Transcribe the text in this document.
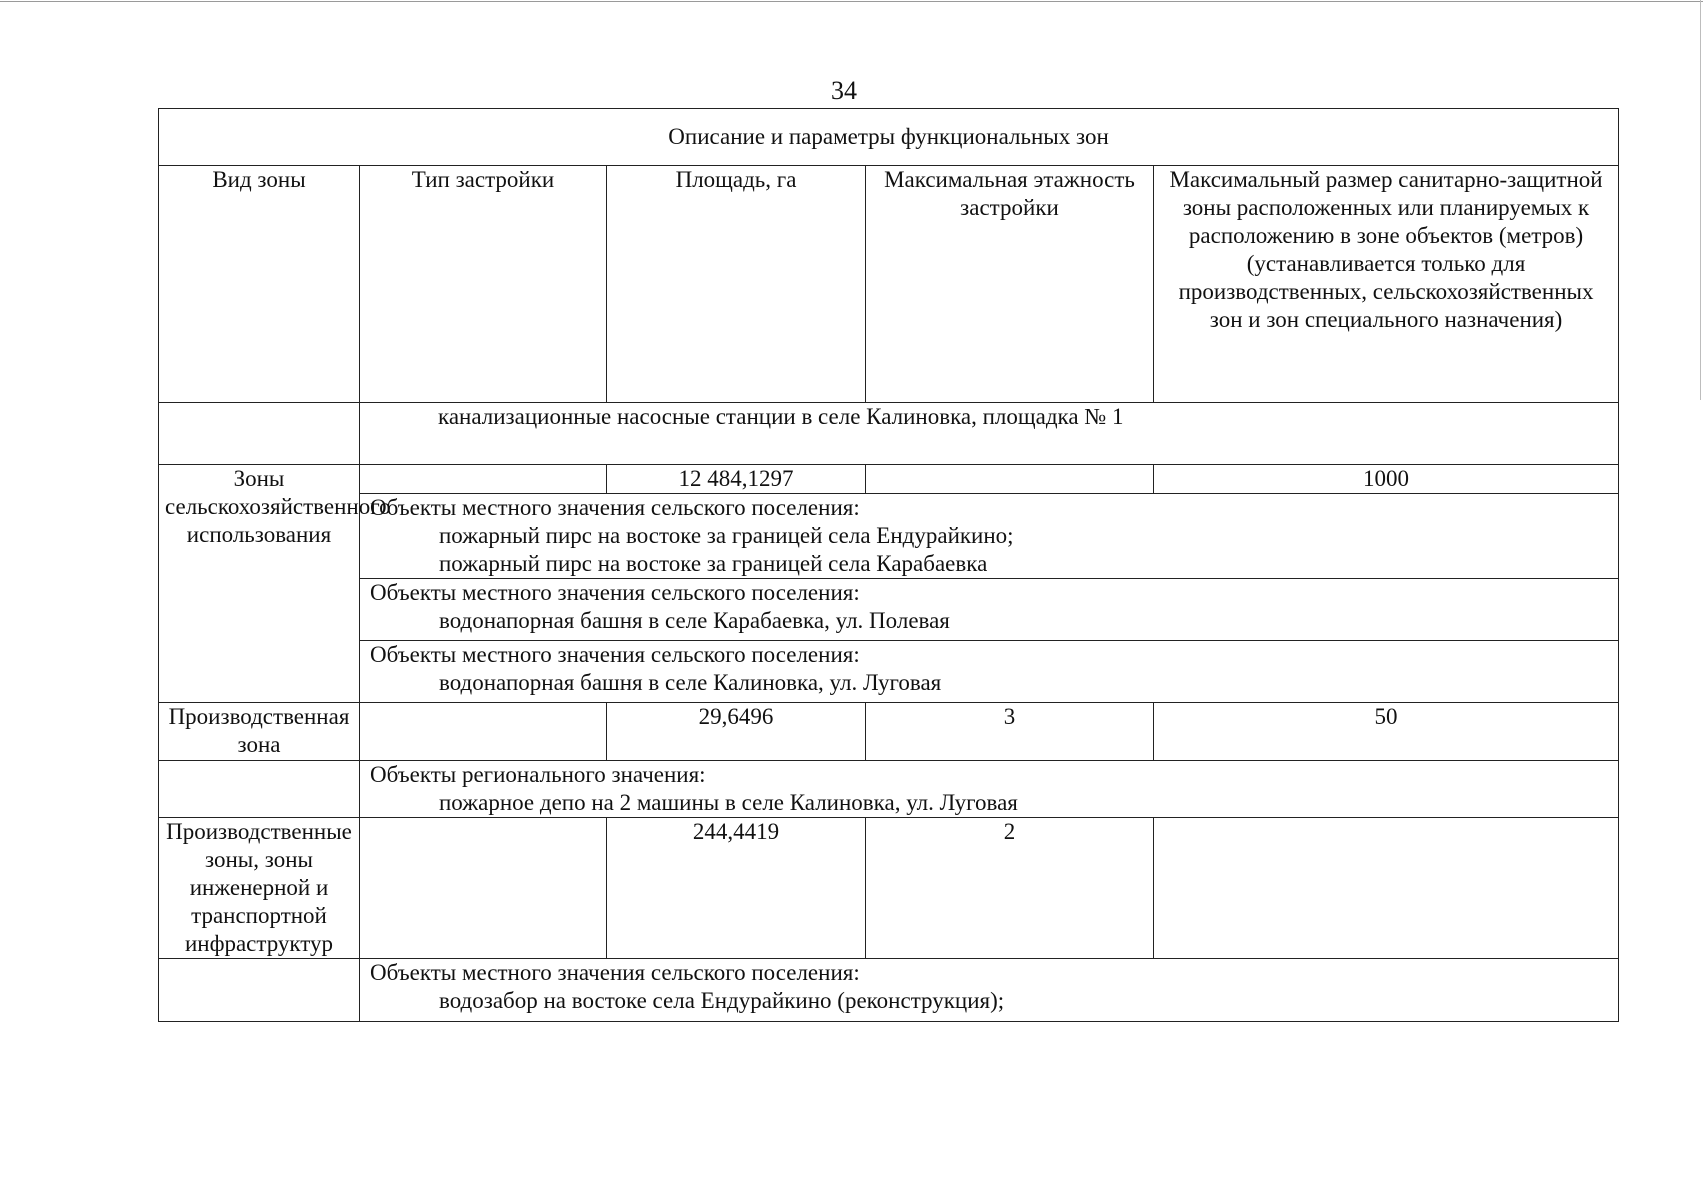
34
Описание и параметры функциональных зон				
Вид зоны	Тип застройки	Площадь, га	Максимальная этажность застройки	Максимальный размер санитарно-защитной зоны расположенных или планируемых к расположению в зоне объектов (метров)
(устанавливается только для производственных, сельскохозяйственных зон и зон специального назначения)

	канализационные насосные станции в селе Калиновка, площадка № 1			
Зоны сельскохозяйственного использования		12 484,1297		1000

	Объекты местного значения сельского поселения:
пожарный пирс на востоке за границей села Ендурайкино;
пожарный пирс на востоке за границей села Карабаевка			

	Объекты местного значения сельского поселения:
водонапорная башня в селе Карабаевка, ул. Полевая			

	Объекты местного значения сельского поселения:
водонапорная башня в селе Калиновка, ул. Луговая			

Производственная зона		29,6496	3	50

	Объекты регионального значения:
пожарное депо на 2 машины в селе Калиновка, ул. Луговая			

Производственные зоны, зоны инженерной и транспортной инфраструктур		244,4419	2	

	Объекты местного значения сельского поселения:
водозабор на востоке села Ендурайкино (реконструкция);			
